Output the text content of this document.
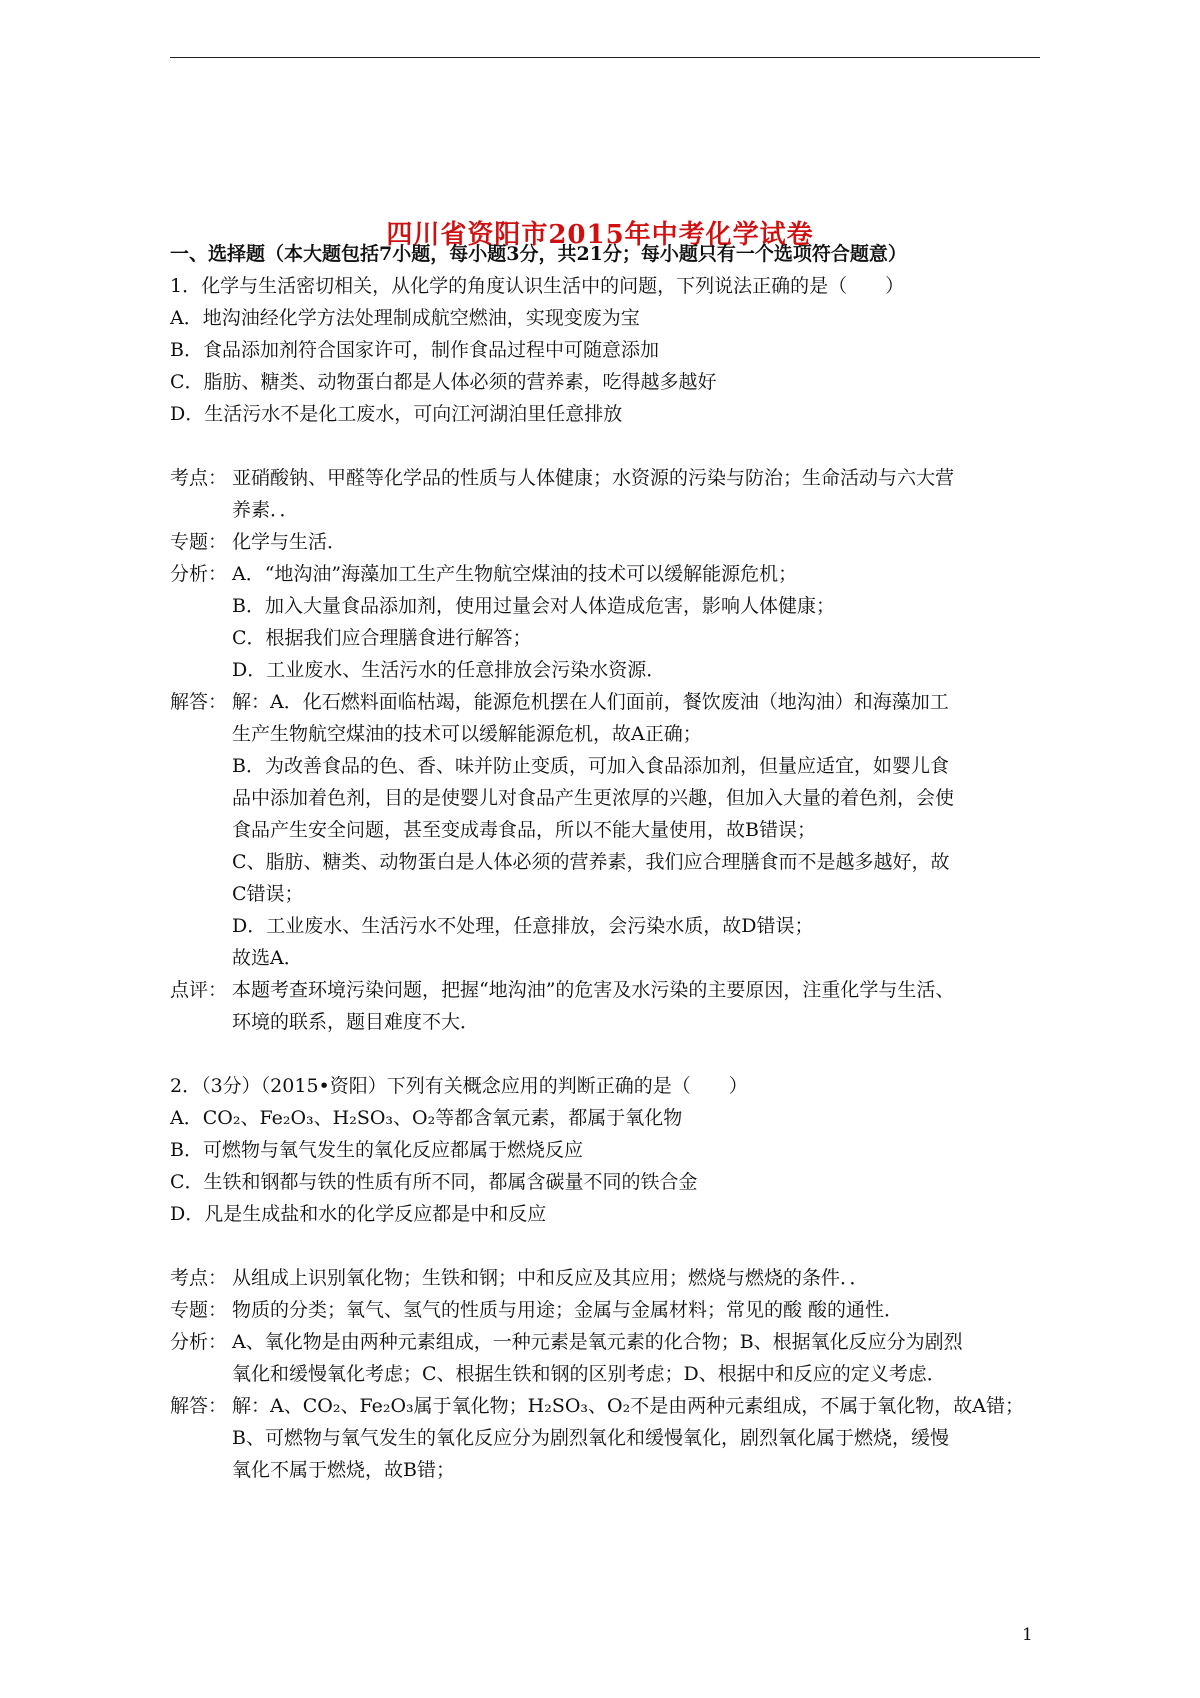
四川省资阳市2015年中考化学试卷
一、选择题（本大题包括7小题，每小题3分，共21分；每小题只有一个选项符合题意）
1．化学与生活密切相关，从化学的角度认识生活中的问题，下列说法正确的是（　　）
A．地沟油经化学方法处理制成航空燃油，实现变废为宝
B．食品添加剂符合国家许可，制作食品过程中可随意添加
C．脂肪、糖类、动物蛋白都是人体必须的营养素，吃得越多越好
D．生活污水不是化工废水，可向江河湖泊里任意排放
考点： 亚硝酸钠、甲醛等化学品的性质与人体健康；水资源的污染与防治；生命活动与六大营
养素．．
专题： 化学与生活．
分析： A．“地沟油”海藻加工生产生物航空煤油的技术可以缓解能源危机；
B．加入大量食品添加剂，使用过量会对人体造成危害，影响人体健康；
C．根据我们应合理膳食进行解答；
D．工业废水、生活污水的任意排放会污染水资源．
解答： 解：A．化石燃料面临枯竭，能源危机摆在人们面前，餐饮废油（地沟油）和海藻加工
生产生物航空煤油的技术可以缓解能源危机，故A正确；
B．为改善食品的色、香、味并防止变质，可加入食品添加剂，但量应适宜，如婴儿食
品中添加着色剂，目的是使婴儿对食品产生更浓厚的兴趣，但加入大量的着色剂，会使
食品产生安全问题，甚至变成毒食品，所以不能大量使用，故B错误；
C、脂肪、糖类、动物蛋白是人体必须的营养素，我们应合理膳食而不是越多越好，故
C错误；
D．工业废水、生活污水不处理，任意排放，会污染水质，故D错误；
故选A．
点评： 本题考查环境污染问题，把握“地沟油”的危害及水污染的主要原因，注重化学与生活、
环境的联系，题目难度不大．
2．（3分）（2015•资阳）下列有关概念应用的判断正确的是（　　）
A．CO₂、Fe₂O₃、H₂SO₃、O₂等都含氧元素，都属于氧化物
B．可燃物与氧气发生的氧化反应都属于燃烧反应
C．生铁和钢都与铁的性质有所不同，都属含碳量不同的铁合金
D．凡是生成盐和水的化学反应都是中和反应
考点： 从组成上识别氧化物；生铁和钢；中和反应及其应用；燃烧与燃烧的条件．．
专题： 物质的分类；氧气、氢气的性质与用途；金属与金属材料；常见的酸 酸的通性．
分析： A、氧化物是由两种元素组成，一种元素是氧元素的化合物；B、根据氧化反应分为剧烈
氧化和缓慢氧化考虑；C、根据生铁和钢的区别考虑；D、根据中和反应的定义考虑．
解答： 解：A、CO₂、Fe₂O₃属于氧化物；H₂SO₃、O₂不是由两种元素组成，不属于氧化物，故A错；
B、可燃物与氧气发生的氧化反应分为剧烈氧化和缓慢氧化，剧烈氧化属于燃烧，缓慢
氧化不属于燃烧，故B错；
1
